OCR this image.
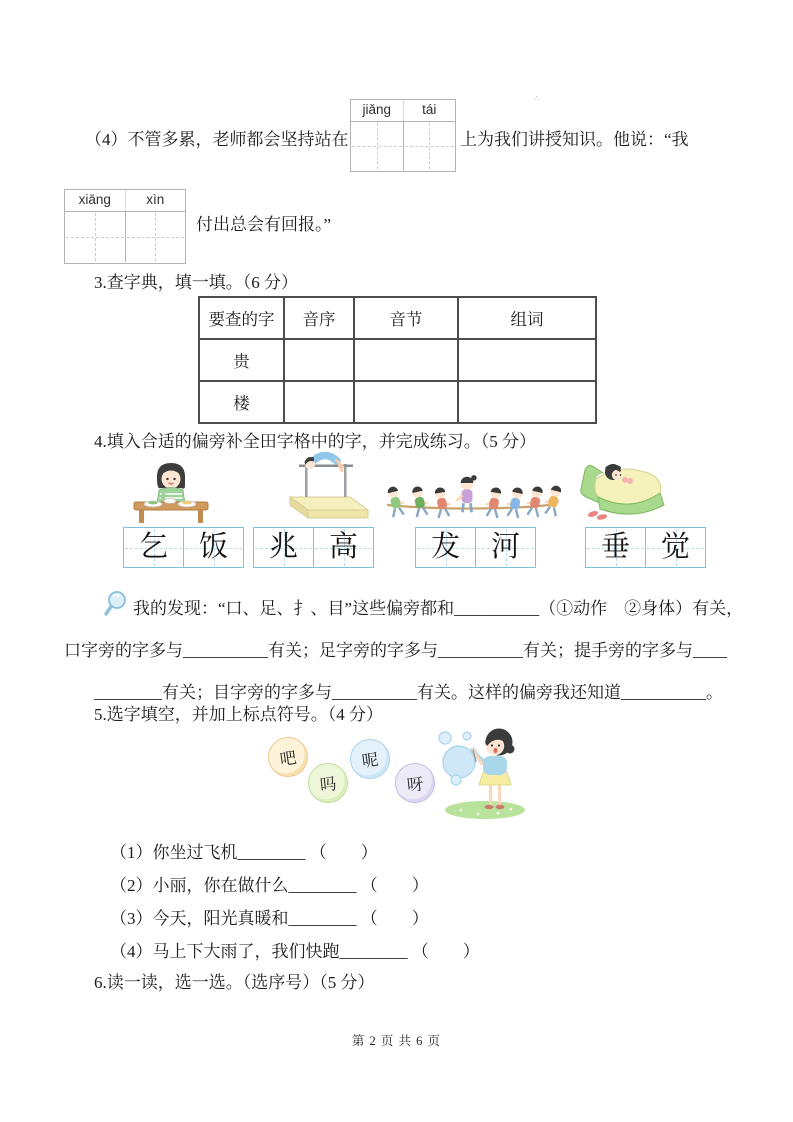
∴
（4）不管多累，老师都会坚持站在
jiǎng	tái
上为我们讲授知识。他说：“我
xiāng	xìn
付出总会有回报。”
3.查字典，填一填。（6 分）
要查的字	音序	音节	组词
贵			
楼			
4.填入合适的偏旁补全田字格中的字，并完成练习。（5 分）
乞 饭 兆 高	犮 河	垂 觉
我的发现：“口、足、扌、目”这些偏旁都和__________（①动作　②身体）有关，
口字旁的字多与__________有关；足字旁的字多与__________有关；提手旁的字多与____
________有关；目字旁的字多与__________有关。这样的偏旁我还知道__________。
5.选字填空，并加上标点符号。（4 分）
吧
吗
呢
呀
（1）你坐过飞机________ （　　）
（2）小丽，你在做什么________ （　　）
（3）今天，阳光真暖和________ （　　）
（4）马上下大雨了，我们快跑________ （　　）
6.读一读，选一选。（选序号）（5 分）
第 2 页 共 6 页
